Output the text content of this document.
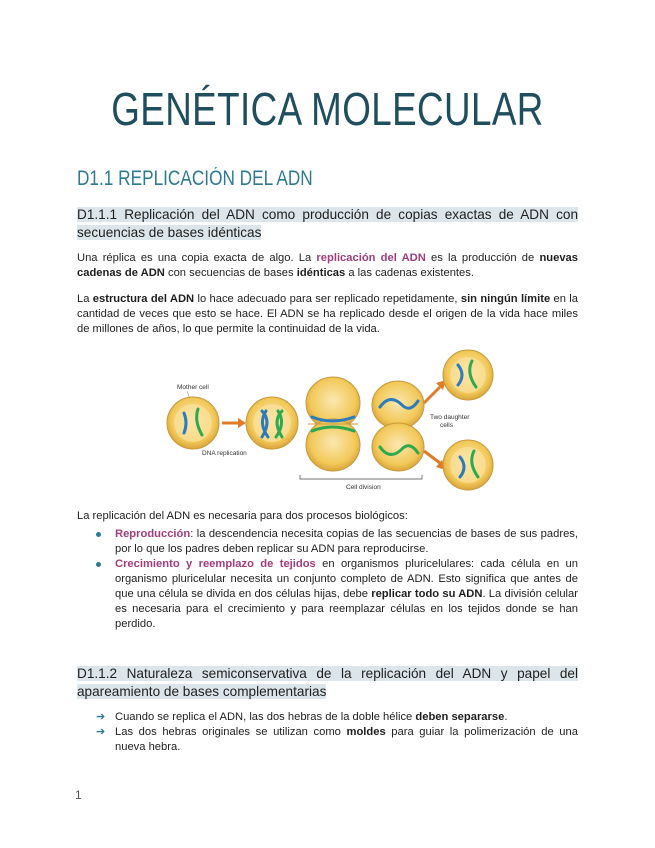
GENÉTICA MOLECULAR
D1.1 REPLICACIÓN DEL ADN
D1.1.1 Replicación del ADN como producción de copias exactas de ADN con secuencias de bases idénticas
Una réplica es una copia exacta de algo. La replicación del ADN es la producción de nuevas cadenas de ADN con secuencias de bases idénticas a las cadenas existentes.
La estructura del ADN lo hace adecuado para ser replicado repetidamente, sin ningún límite en la cantidad de veces que esto se hace. El ADN se ha replicado desde el origen de la vida hace miles de millones de años, lo que permite la continuidad de la vida.
Mother cell
DNA replication
Cell division
Two daughter
cells
La replicación del ADN es necesaria para dos procesos biológicos:
Reproducción: la descendencia necesita copias de las secuencias de bases de sus padres, por lo que los padres deben replicar su ADN para reproducirse.
Crecimiento y reemplazo de tejidos en organismos pluricelulares: cada célula en un organismo pluricelular necesita un conjunto completo de ADN. Esto significa que antes de que una célula se divida en dos células hijas, debe replicar todo su ADN. La división celular es necesaria para el crecimiento y para reemplazar células en los tejidos donde se han perdido.
D1.1.2 Naturaleza semiconservativa de la replicación del ADN y papel del apareamiento de bases complementarias
➔ Cuando se replica el ADN, las dos hebras de la doble hélice deben separarse.
➔ Las dos hebras originales se utilizan como moldes para guiar la polimerización de una nueva hebra.
1
